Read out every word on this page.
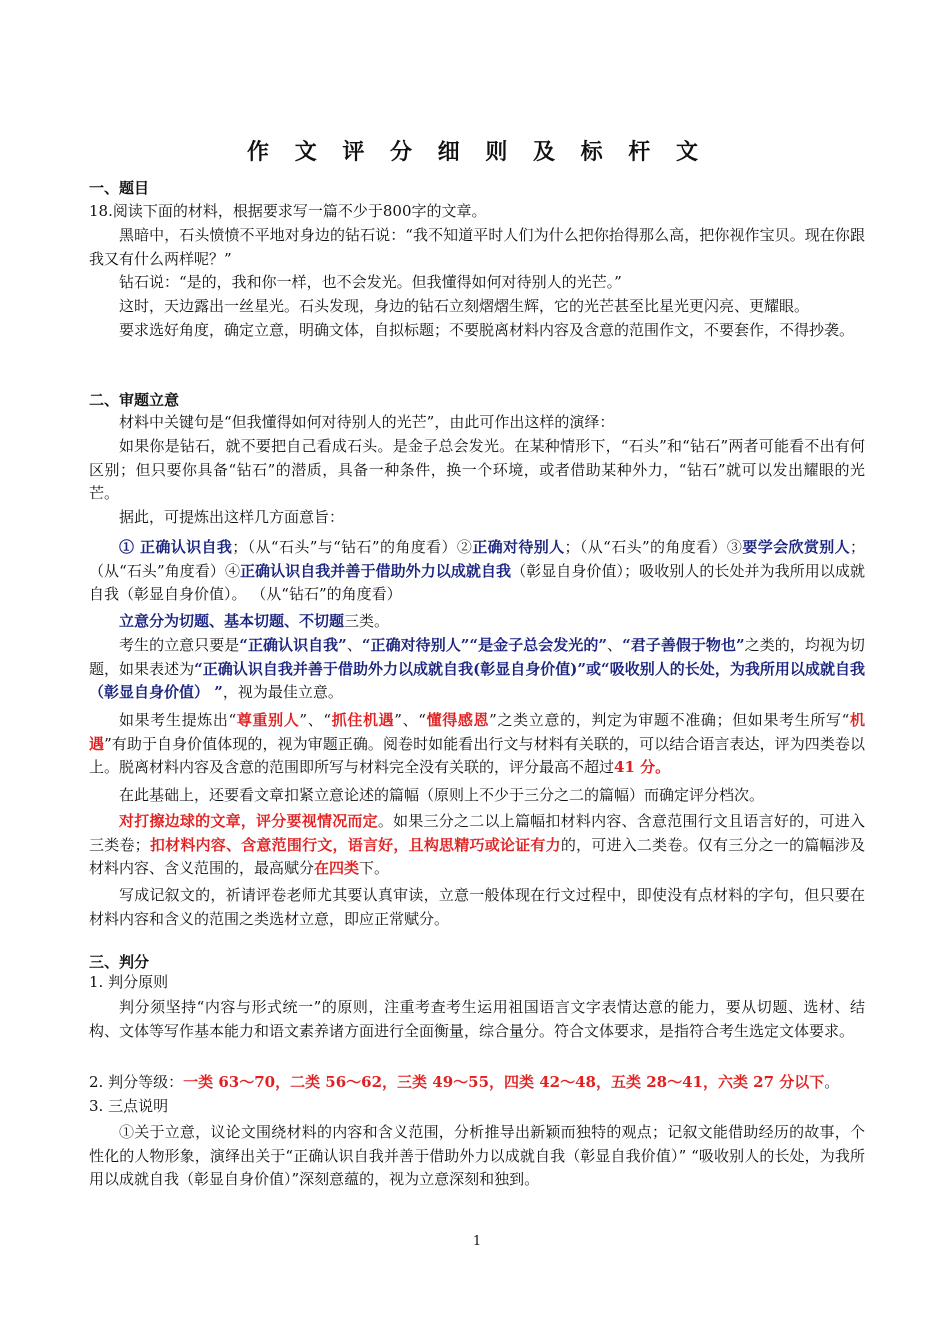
作 文 评 分 细 则 及 标 杆 文
一、题目
18.阅读下面的材料，根据要求写一篇不少于800字的文章。
黑暗中，石头愤愤不平地对身边的钻石说：“我不知道平时人们为什么把你抬得那么高，把你视作宝贝。现在你跟我又有什么两样呢？”
钻石说：“是的，我和你一样，也不会发光。但我懂得如何对待别人的光芒。”
这时，天边露出一丝星光。石头发现，身边的钻石立刻熠熠生辉，它的光芒甚至比星光更闪亮、更耀眼。
要求选好角度，确定立意，明确文体，自拟标题；不要脱离材料内容及含意的范围作文，不要套作，不得抄袭。
二、审题立意
材料中关键句是“但我懂得如何对待别人的光芒”，由此可作出这样的演绎：
如果你是钻石，就不要把自己看成石头。是金子总会发光。在某种情形下，“石头”和“钻石”两者可能看不出有何区别；但只要你具备“钻石”的潜质，具备一种条件，换一个环境，或者借助某种外力，“钻石”就可以发出耀眼的光芒。
据此，可提炼出这样几方面意旨：
① 正确认识自我；（从“石头”与“钻石”的角度看）②正确对待别人；（从“石头”的角度看）③要学会欣赏别人；（从“石头”角度看）④正确认识自我并善于借助外力以成就自我（彰显自身价值）；吸收别人的长处并为我所用以成就自我（彰显自身价值）。 （从“钻石”的角度看）
立意分为切题、基本切题、不切题三类。
考生的立意只要是“正确认识自我”、“正确对待别人”“是金子总会发光的”、“君子善假于物也”之类的，均视为切题，如果表述为“正确认识自我并善于借助外力以成就自我(彰显自身价值)”或“吸收别人的长处，为我所用以成就自我（彰显自身价值） ”，视为最佳立意。
如果考生提炼出“尊重别人”、“抓住机遇”、“懂得感恩”之类立意的，判定为审题不准确；但如果考生所写“机遇”有助于自身价值体现的，视为审题正确。阅卷时如能看出行文与材料有关联的，可以结合语言表达，评为四类卷以上。脱离材料内容及含意的范围即所写与材料完全没有关联的，评分最高不超过41 分。
在此基础上，还要看文章扣紧立意论述的篇幅（原则上不少于三分之二的篇幅）而确定评分档次。
对打擦边球的文章，评分要视情况而定。如果三分之二以上篇幅扣材料内容、含意范围行文且语言好的，可进入三类卷；扣材料内容、含意范围行文，语言好，且构思精巧或论证有力的，可进入二类卷。仅有三分之一的篇幅涉及材料内容、含义范围的，最高赋分在四类下。
写成记叙文的，祈请评卷老师尤其要认真审读，立意一般体现在行文过程中，即使没有点材料的字句，但只要在材料内容和含义的范围之类选材立意，即应正常赋分。
三、判分
1. 判分原则
判分须坚持“内容与形式统一”的原则，注重考查考生运用祖国语言文字表情达意的能力，要从切题、选材、结构、文体等写作基本能力和语文素养诸方面进行全面衡量，综合量分。符合文体要求，是指符合考生选定文体要求。
2. 判分等级：一类 63～70，二类 56～62，三类 49～55，四类 42～48，五类 28～41，六类 27 分以下。
3. 三点说明
①关于立意，议论文围绕材料的内容和含义范围，分析推导出新颖而独特的观点；记叙文能借助经历的故事，个性化的人物形象，演绎出关于“正确认识自我并善于借助外力以成就自我（彰显自我价值）” “吸收别人的长处，为我所用以成就自我（彰显自身价值）”深刻意蕴的，视为立意深刻和独到。
1
